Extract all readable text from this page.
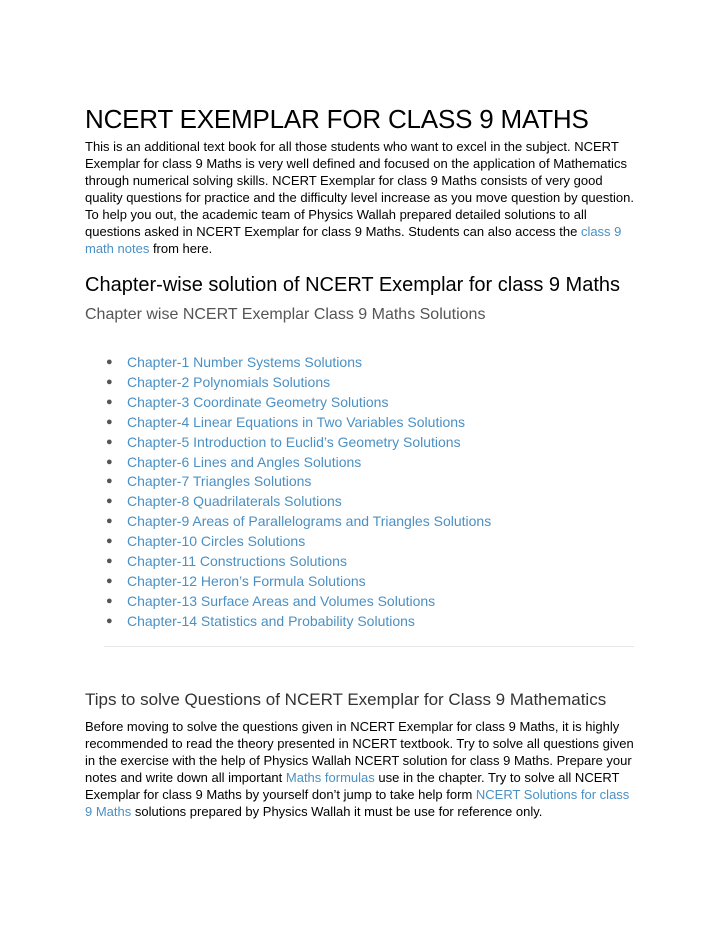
NCERT EXEMPLAR FOR CLASS 9 MATHS

This is an additional text book for all those students who want to excel in the subject. NCERT
Exemplar for class 9 Maths is very well defined and focused on the application of Mathematics
through numerical solving skills. NCERT Exemplar for class 9 Maths consists of very good
quality questions for practice and the difficulty level increase as you move question by question.
To help you out, the academic team of Physics Wallah prepared detailed solutions to all
questions asked in NCERT Exemplar for class 9 Maths. Students can also access the class 9
math notes from here.

Chapter-wise solution of NCERT Exemplar for class 9 Maths
Chapter wise NCERT Exemplar Class 9 Maths Solutions
● Chapter-1 Number Systems Solutions
● Chapter-2 Polynomials Solutions
● Chapter-3 Coordinate Geometry Solutions
● Chapter-4 Linear Equations in Two Variables Solutions
● Chapter-5 Introduction to Euclid’s Geometry Solutions
● Chapter-6 Lines and Angles Solutions
● Chapter-7 Triangles Solutions
● Chapter-8 Quadrilaterals Solutions
● Chapter-9 Areas of Parallelograms and Triangles Solutions
● Chapter-10 Circles Solutions
● Chapter-11 Constructions Solutions
● Chapter-12 Heron’s Formula Solutions
● Chapter-13 Surface Areas and Volumes Solutions
● Chapter-14 Statistics and Probability Solutions
Tips to solve Questions of NCERT Exemplar for Class 9 Mathematics

Before moving to solve the questions given in NCERT Exemplar for class 9 Maths, it is highly
recommended to read the theory presented in NCERT textbook. Try to solve all questions given
in the exercise with the help of Physics Wallah NCERT solution for class 9 Maths. Prepare your
notes and write down all important Maths formulas use in the chapter. Try to solve all NCERT
Exemplar for class 9 Maths by yourself don’t jump to take help form NCERT Solutions for class
9 Maths solutions prepared by Physics Wallah it must be use for reference only.
